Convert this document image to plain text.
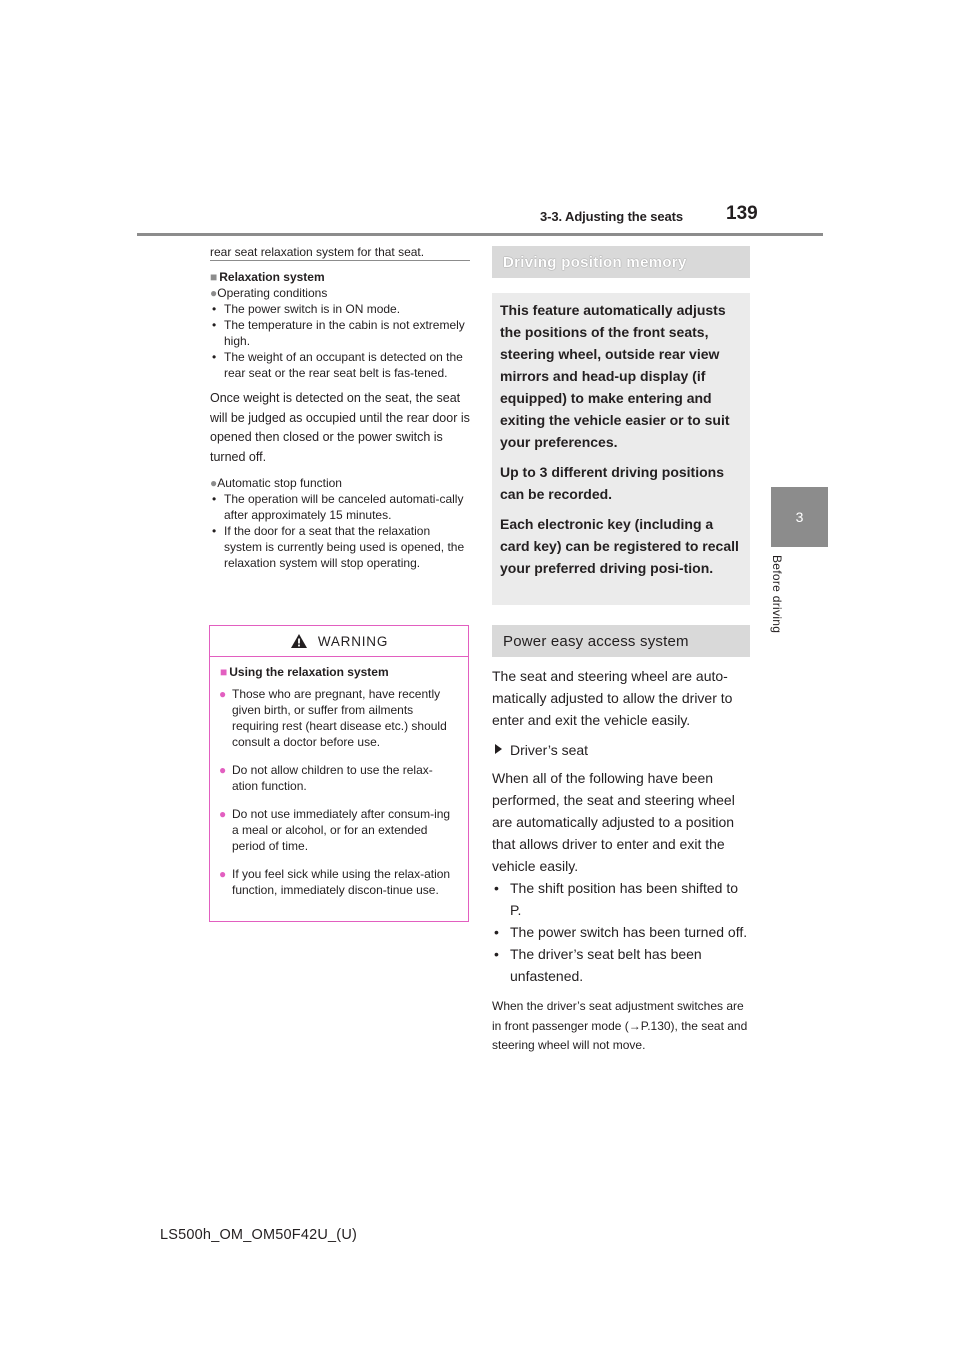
3-3. Adjusting the seats 139
3
Before driving

rear seat relaxation system for that seat.

■ Relaxation system

●Operating conditions

• The power switch is in ON mode.

• The temperature in the cabin is not extremely high.

• The weight of an occupant is detected on the rear seat or the rear seat belt is fas-tened.

Once weight is detected on the seat, the seat will be judged as occupied until the rear door is opened then closed or the power switch is turned off.

●Automatic stop function

• The operation will be canceled automati-cally after approximately 15 minutes.

• If the door for a seat that the relaxation system is currently being used is opened, the relaxation system will stop operating.

WARNING

■ Using the relaxation system

● Those who are pregnant, have recently given birth, or suffer from ailments requiring rest (heart disease etc.) should consult a doctor before use.

● Do not allow children to use the relax-ation function.

● Do not use immediately after consum-ing a meal or alcohol, or for an extended period of time.

● If you feel sick while using the relax-ation function, immediately discon-tinue use.

Driving position memory

This feature automatically adjusts the positions of the front seats, steering wheel, outside rear view mirrors and head-up display (if equipped) to make entering and exiting the vehicle easier or to suit your preferences.

Up to 3 different driving positions can be recorded.

Each electronic key (including a card key) can be registered to recall your preferred driving posi-tion.

Power easy access system

The seat and steering wheel are auto-matically adjusted to allow the driver to enter and exit the vehicle easily.

Driver’s seat

When all of the following have been performed, the seat and steering wheel are automatically adjusted to a position that allows driver to enter and exit the vehicle easily.

• The shift position has been shifted to P.

• The power switch has been turned off.

• The driver’s seat belt has been unfastened.

When the driver’s seat adjustment switches are in front passenger mode (→P.130), the seat and steering wheel will not move.

LS500h_OM_OM50F42U_(U)
